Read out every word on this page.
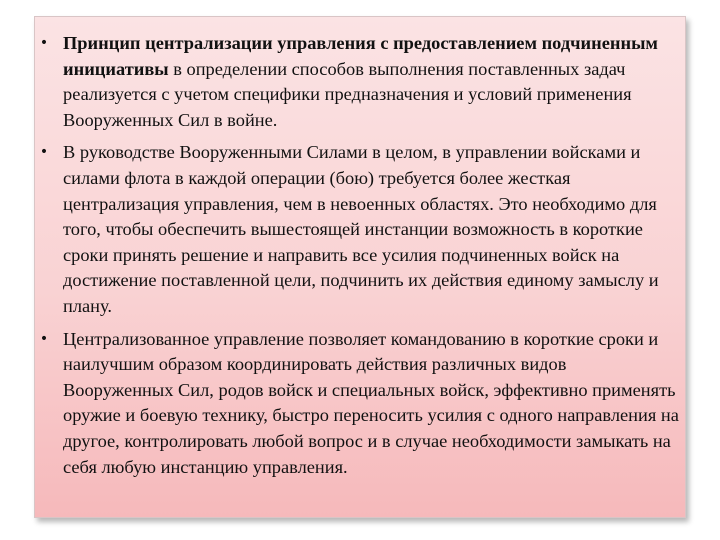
• Принцип централизации управления с предоставлением подчиненным инициативы в определении способов выполнения поставленных задач реализуется с учетом специфики предназначения и условий применения Вооруженных Сил в войне.
• В руководстве Вооруженными Силами в целом, в управлении войсками и силами флота в каждой операции (бою) требуется более жесткая централизация управления, чем в невоенных областях. Это необходимо для того, чтобы обеспечить вышестоящей инстанции возможность в короткие сроки принять решение и направить все усилия подчиненных войск на достижение поставленной цели, подчинить их действия единому замыслу и плану.
• Централизованное управление позволяет командованию в короткие сроки и наилучшим образом координировать действия различных видов Вооруженных Сил, родов войск и специальных войск, эффективно применять оружие и боевую технику, быстро переносить усилия с одного направления на другое, контролировать любой вопрос и в случае необходимости замыкать на себя любую инстанцию управления.
